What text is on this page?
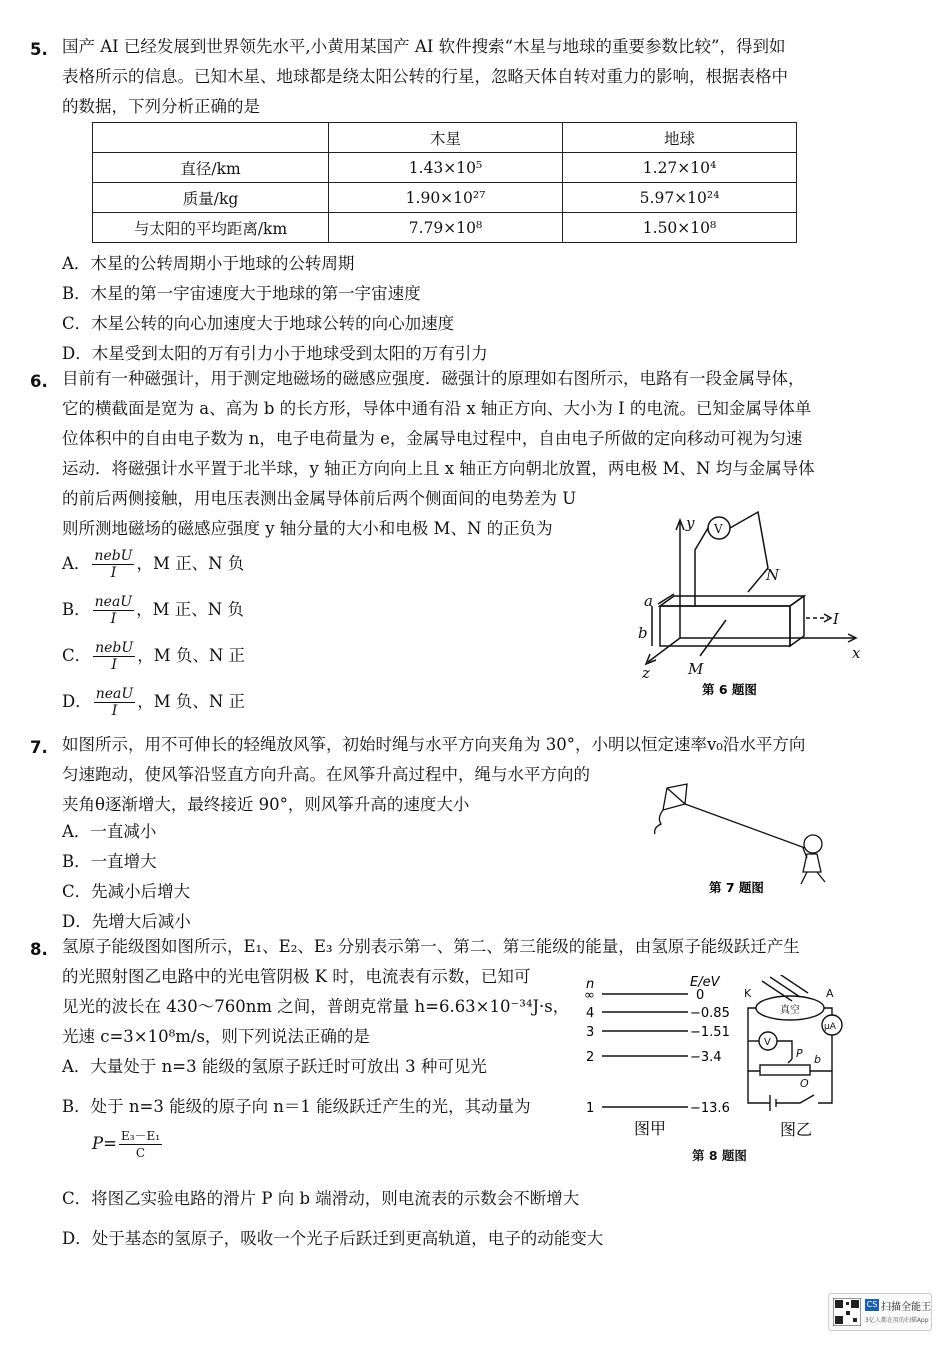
5. 国产 AI 已经发展到世界领先水平,小黄用某国产 AI 软件搜索“木星与地球的重要参数比较”，得到如
表格所示的信息。已知木星、地球都是绕太阳公转的行星，忽略天体自转对重力的影响，根据表格中
的数据，下列分析正确的是
	木星	地球
直径/km	1.43×10⁵	1.27×10⁴
质量/kg	1.90×10²⁷	5.97×10²⁴
与太阳的平均距离/km	7.79×10⁸	1.50×10⁸
A．木星的公转周期小于地球的公转周期
B．木星的第一宇宙速度大于地球的第一宇宙速度
C．木星公转的向心加速度大于地球公转的向心加速度
D．木星受到太阳的万有引力小于地球受到太阳的万有引力
6. 目前有一种磁强计，用于测定地磁场的磁感应强度．磁强计的原理如右图所示，电路有一段金属导体，
它的横截面是宽为 a、高为 b 的长方形，导体中通有沿 x 轴正方向、大小为 I 的电流。已知金属导体单
位体积中的自由电子数为 n，电子电荷量为 e，金属导电过程中，自由电子所做的定向移动可视为匀速
运动．将磁强计水平置于北半球，y 轴正方向向上且 x 轴正方向朝北放置，两电极 M、N 均与金属导体
的前后两侧接触，用电压表测出金属导体前后两个侧面间的电势差为 U
则所测地磁场的磁感应强度 y 轴分量的大小和电极 M、N 的正负为
A． $\frac{\text{nebU}}{I}$ ，M 正、N 负
B． $\frac{\text{neaU}}{I}$ ，M 正、N 负
C． $\frac{\text{nebU}}{I}$ ，M 负、N 正
D． $\frac{\text{neaU}}{I}$ ，M 负、N 正
y
x
z
a
b
I
M
N
V
第 6 题图
7. 如图所示，用不可伸长的轻绳放风筝，初始时绳与水平方向夹角为 30°，小明以恒定速率v₀沿水平方向
匀速跑动，使风筝沿竖直方向升高。在风筝升高过程中，绳与水平方向的
夹角θ逐渐增大，最终接近 90°，则风筝升高的速度大小
A．一直减小
B．一直增大
C．先减小后增大
D．先增大后减小
第 7 题图
8. 氢原子能级图如图所示，E₁、E₂、E₃ 分别表示第一、第二、第三能级的能量，由氢原子能级跃迁产生
的光照射图乙电路中的光电管阴极 K 时，电流表有示数，已知可
见光的波长在 430～760nm 之间，普朗克常量 h=6.63×10⁻³⁴J·s，
光速 c=3×10⁸m/s，则下列说法正确的是
A．大量处于 n=3 能级的氢原子跃迁时可放出 3 种可见光
B．处于 n=3 能级的原子向 n＝1 能级跃迁产生的光，其动量为
$P= \frac{\text{E₃－E₁}}{C}$
C．将图乙实验电路的滑片 P 向 b 端滑动，则电流表的示数会不断增大
D．处于基态的氢原子，吸收一个光子后跃迁到更高轨道，电子的动能变大
n	E/eV
∞	0
4	−0.85
3	−1.51
2	−3.4
1	−13.6
图甲
K	A
真空
μA
V
P b
O
图乙
第 8 题图
CS 扫描全能王
3亿人都在用的扫描App
